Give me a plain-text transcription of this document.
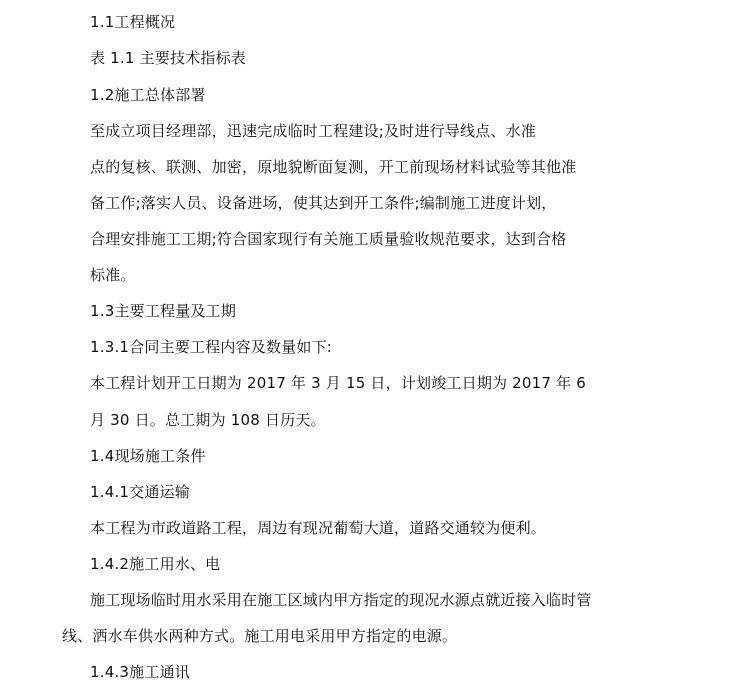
1.1工程概况
表 1.1 主要技术指标表
1.2施工总体部署
至成立项目经理部，迅速完成临时工程建设;及时进行导线点、水准
点的复核、联测、加密，原地貌断面复测，开工前现场材料试验等其他准
备工作;落实人员、设备进场，使其达到开工条件;编制施工进度计划，
合理安排施工工期;符合国家现行有关施工质量验收规范要求，达到合格
标准。
1.3主要工程量及工期
1.3.1合同主要工程内容及数量如下:
本工程计划开工日期为 2017 年 3 月 15 日，计划竣工日期为 2017 年 6
月 30 日。总工期为 108 日历天。
1.4现场施工条件
1.4.1交通运输
本工程为市政道路工程，周边有现况葡萄大道，道路交通较为便利。
1.4.2施工用水、电
施工现场临时用水采用在施工区域内甲方指定的现况水源点就近接入临时管
线、洒水车供水两种方式。施工用电采用甲方指定的电源。
1.4.3施工通讯
